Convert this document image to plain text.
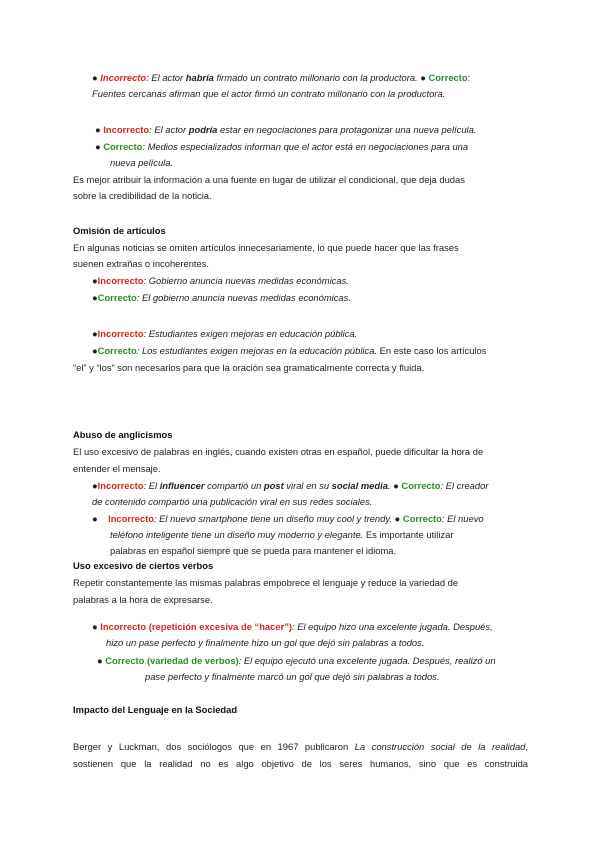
● Incorrecto: El actor habría firmado un contrato millonario con la productora. ● Correcto:
Fuentes cercanas afirman que el actor firmó un contrato millonario con la productora.
● Incorrecto: El actor podría estar en negociaciones para protagonizar una nueva película.
● Correcto: Medios especializados informan que el actor está en negociaciones para una
nueva película.
Es mejor atribuir la información a una fuente en lugar de utilizar el condicional, que deja dudas
sobre la credibilidad de la noticia.
Omisión de artículos
En algunas noticias se omiten artículos innecesariamente, lo que puede hacer que las frases
suenen extrañas o incoherentes.
●Incorrecto: Gobierno anuncia nuevas medidas económicas.
●Correcto: El gobierno anuncia nuevas medidas económicas.
●Incorrecto: Estudiantes exigen mejoras en educación pública.
●Correcto: Los estudiantes exigen mejoras en la educación pública. En este caso los artículos
“el” y “los” son necesarios para que la oración sea gramaticalmente correcta y fluida.
Abuso de anglicismos
El uso excesivo de palabras en inglés, cuando existen otras en español, puede dificultar la hora de
entender el mensaje.
●Incorrecto: El influencer compartió un post viral en su social media. ● Correcto: El creador
de contenido compartió una publicación viral en sus redes sociales.
● Incorrecto: El nuevo smartphone tiene un diseño muy cool y trendy. ● Correcto: El nuevo
teléfono inteligente tiene un diseño muy moderno y elegante. Es importante utilizar
palabras en español siempre que se pueda para mantener el idioma.
Uso excesivo de ciertos verbos
Repetir constantemente las mismas palabras empobrece el lenguaje y reduce la variedad de
palabras a la hora de expresarse.
● Incorrecto (repetición excesiva de “hacer”): El equipo hizo una excelente jugada. Después,
hizo un pase perfecto y finalmente hizo un gol que dejó sin palabras a todos.
● Correcto (variedad de verbos): El equipo ejecutó una excelente jugada. Después, realizó un
pase perfecto y finalmente marcó un gol que dejó sin palabras a todos.
Impacto del Lenguaje en la Sociedad
Berger y Luckman, dos sociólogos que en 1967 publicaron La construcción social de la realidad,
sostienen que la realidad no es algo objetivo de los seres humanos, sino que es construida
